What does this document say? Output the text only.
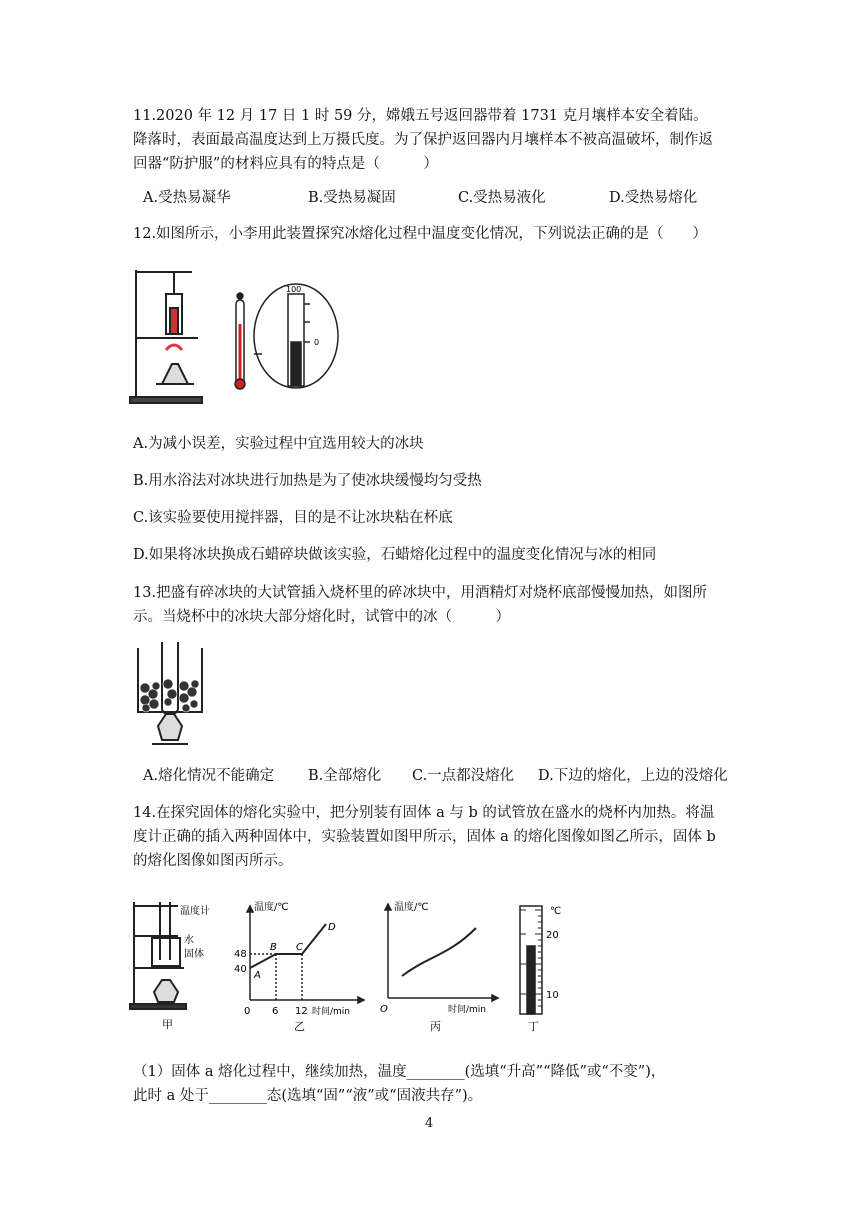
11.2020 年 12 月 17 日 1 时 59 分，嫦娥五号返回器带着 1731 克月壤样本安全着陆。
降落时，表面最高温度达到上万摄氏度。为了保护返回器内月壤样本不被高温破坏，制作返
回器“防护服”的材料应具有的特点是（　　　）
A.受热易凝华	B.受热易凝固	C.受热易液化	D.受热易熔化
12.如图所示，小李用此装置探究冰熔化过程中温度变化情况，下列说法正确的是（　　）
100
0
A.为减小误差，实验过程中宜选用较大的冰块
B.用水浴法对冰块进行加热是为了使冰块缓慢均匀受热
C.该实验要使用搅拌器，目的是不让冰块粘在杯底
D.如果将冰块换成石蜡碎块做该实验，石蜡熔化过程中的温度变化情况与冰的相同
13.把盛有碎冰块的大试管插入烧杯里的碎冰块中，用酒精灯对烧杯底部慢慢加热，如图所
示。当烧杯中的冰块大部分熔化时，试管中的冰（　　　）
A.熔化情况不能确定 B.全部熔化 C.一点都没熔化 D.下边的熔化，上边的没熔化
14.在探究固体的熔化实验中，把分别装有固体 a 与 b 的试管放在盛水的烧杯内加热。将温
度计正确的插入两种固体中，实验装置如图甲所示，固体 a 的熔化图像如图乙所示，固体 b
的熔化图像如图丙所示。
温度计
水
固体
甲
温度/℃
时间/min
48
40
0 6 12
A
B C
D
乙
温度/℃
时间/min
O
丙
℃
20
10
丁
（1）固体 a 熔化过程中，继续加热，温度________(选填“升高”“降低”或“不变”)，
此时 a 处于________态(选填“固”“液”或“固液共存”)。
4
